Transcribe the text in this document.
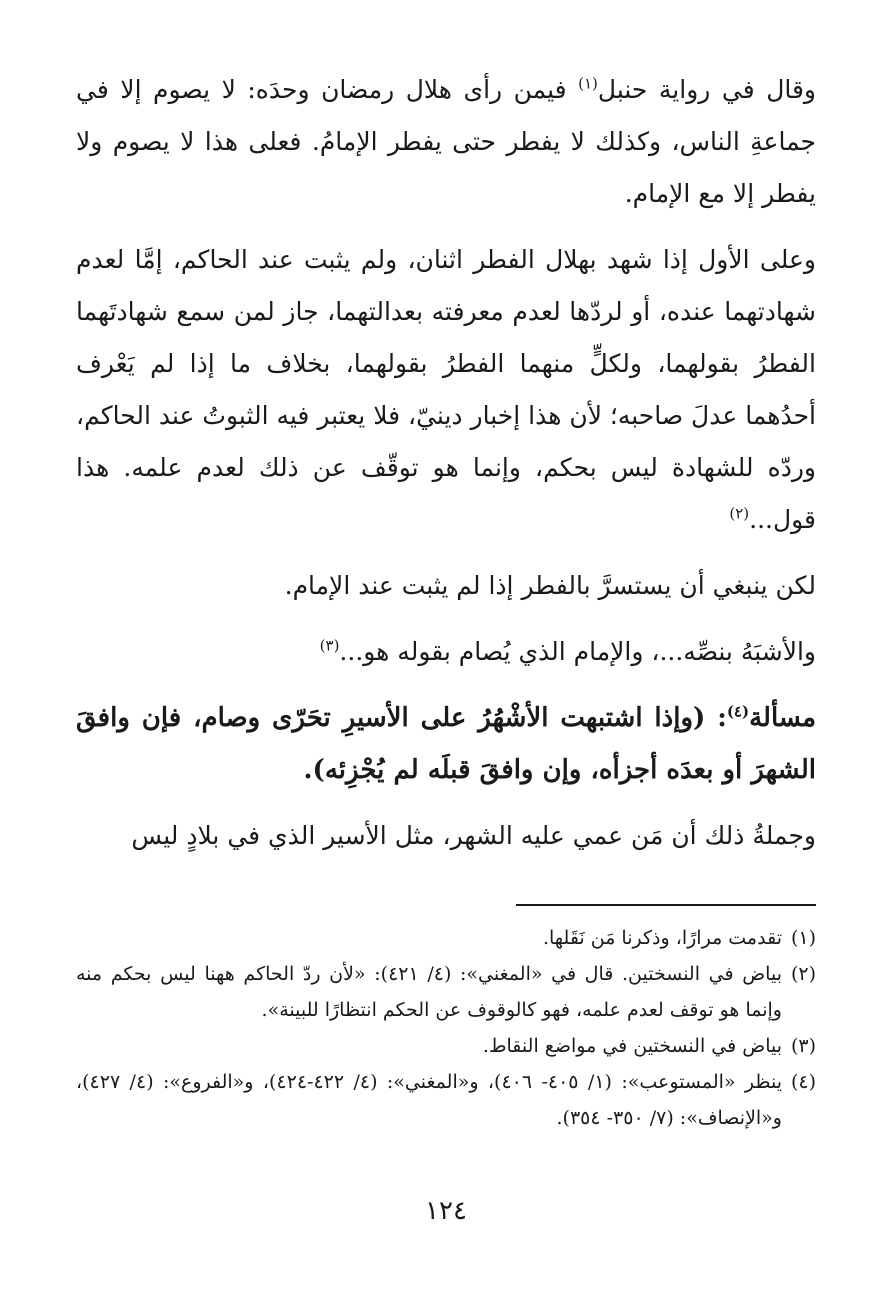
وقال في رواية حنبل$^{(١)}$ فيمن رأى هلال رمضان وحدَه: لا يصوم إلا في جماعةِ الناس، وكذلك لا يفطر حتى يفطر الإمامُ. فعلى هذا لا يصوم ولا يفطر إلا مع الإمام.

وعلى الأول إذا شهد بهلال الفطر اثنان، ولم يثبت عند الحاكم، إمَّا لعدم شهادتهما عنده، أو لردّها لعدم معرفته بعدالتهما، جاز لمن سمع شهادتَهما الفطرُ بقولهما، ولكلٍّ منهما الفطرُ بقولهما، بخلاف ما إذا لم يَعْرف أحدُهما عدلَ صاحبه؛ لأن هذا إخبار دينيّ، فلا يعتبر فيه الثبوتُ عند الحاكم، وردّه للشهادة ليس بحكم، وإنما هو توقّف عن ذلك لعدم علمه. هذا قول...$^{(٢)}$

لكن ينبغي أن يستسرَّ بالفطر إذا لم يثبت عند الإمام.

والأشبَهُ بنصِّه...، والإمام الذي يُصام بقوله هو...$^{(٣)}$

مسألة$^{(٤)}$: (وإذا اشتبهت الأشْهُرُ على الأسيرِ تحَرّى وصام، فإن وافقَ الشهرَ أو بعدَه أجزأه، وإن وافقَ قبلَه لم يُجْزِئه).

وجملةُ ذلك أن مَن عمي عليه الشهر، مثل الأسير الذي في بلادٍ ليس

(١)
تقدمت مرارًا، وذكرنا مَن نَقَلها.

(٢)
بياض في النسختين. قال في «المغني»: (٤/ ٤٢١): «لأن ردّ الحاكم ههنا ليس بحكم منه وإنما هو توقف لعدم علمه، فهو كالوقوف عن الحكم انتظارًا للبينة».

(٣)
بياض في النسختين في مواضع النقاط.

(٤)
ينظر «المستوعب»: (١/ ٤٠٥- ٤٠٦)، و«المغني»: (٤/ ٤٢٢-٤٢٤)، و«الفروع»: (٤/ ٤٢٧)، و«الإنصاف»: (٧/ ٣٥٠- ٣٥٤).

١٢٤
